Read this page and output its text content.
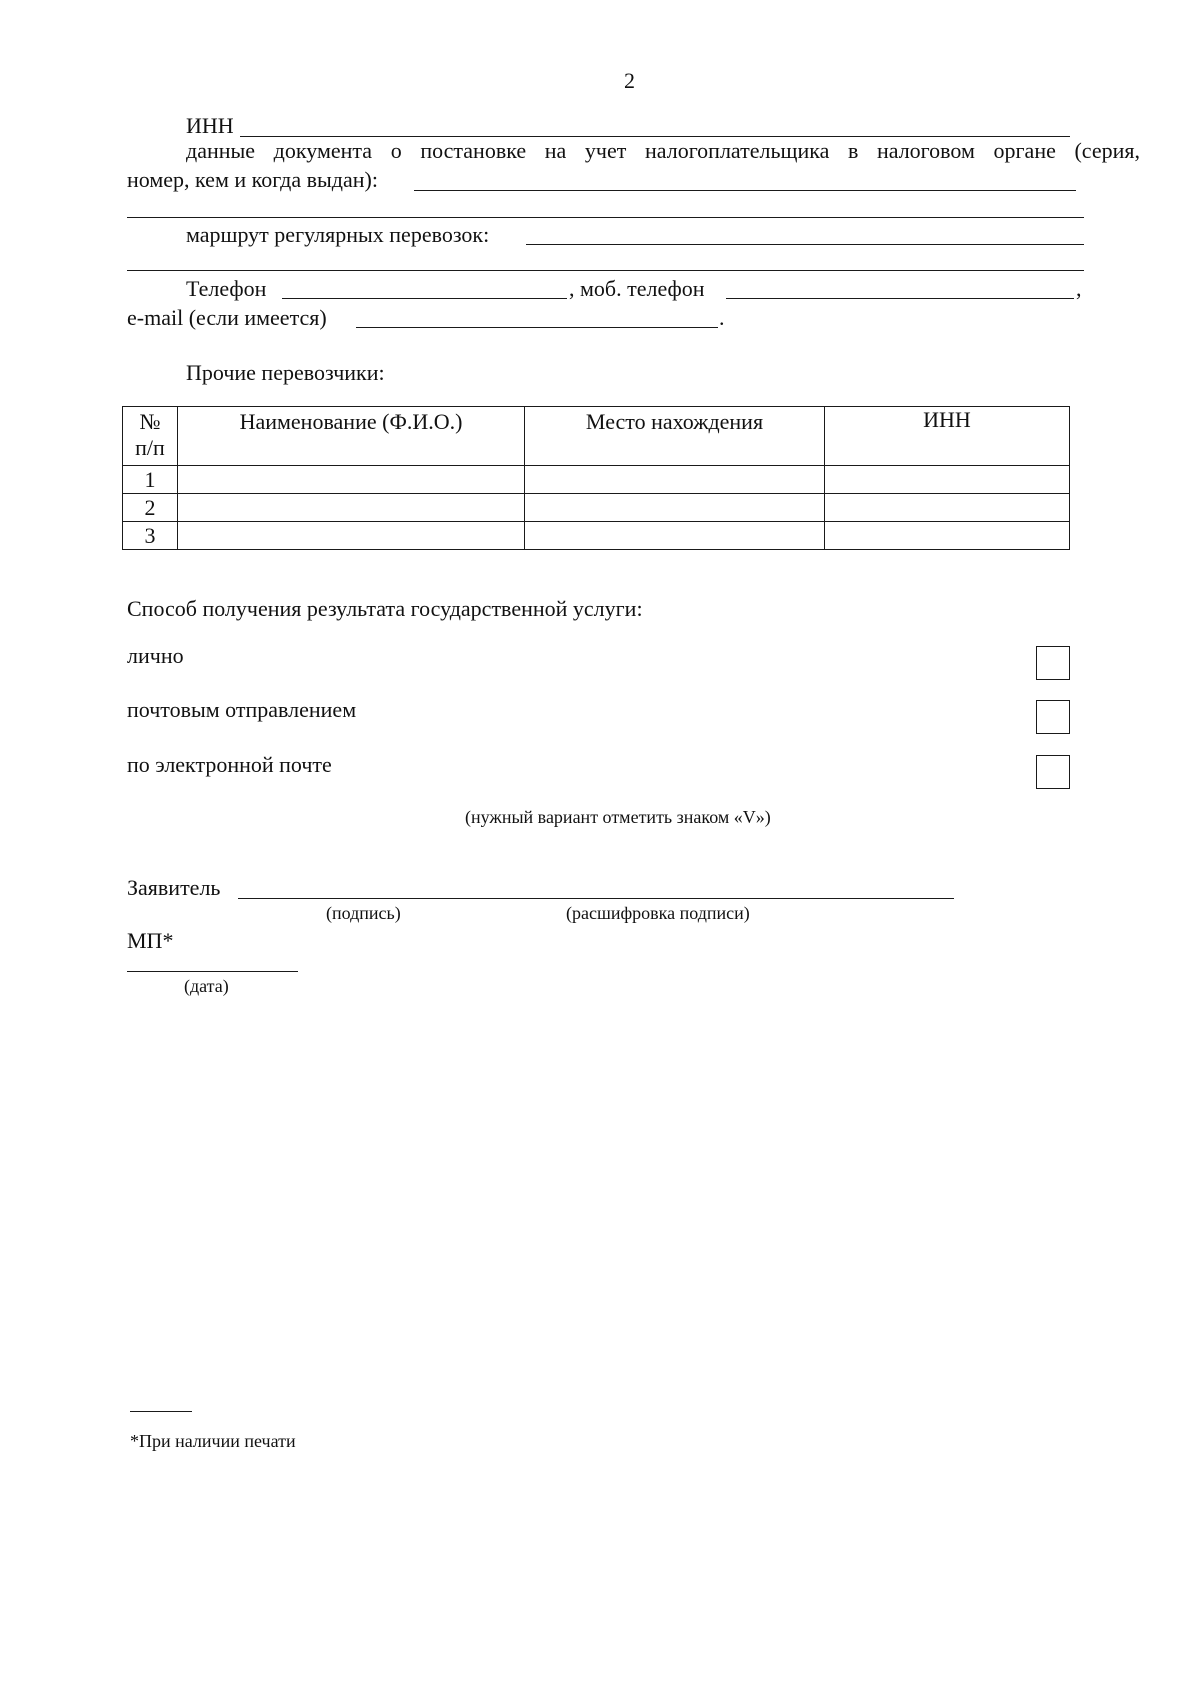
2
ИНН
данные документа о постановке на учет налогоплательщика в налоговом органе (серия,
номер, кем и когда выдан):
маршрут регулярных перевозок:
Телефон	, моб. телефон	,
e-mail (если имеется)	.
Прочие перевозчики:
№ п/п	Наименование (Ф.И.О.)	Место нахождения	ИНН
1			
2			
3			
Способ получения результата государственной услуги:
лично
почтовым отправлением
по электронной почте
(нужный вариант отметить знаком «V»)
Заявитель
(подпись)	(расшифровка подписи)
МП*
(дата)
*При наличии печати
